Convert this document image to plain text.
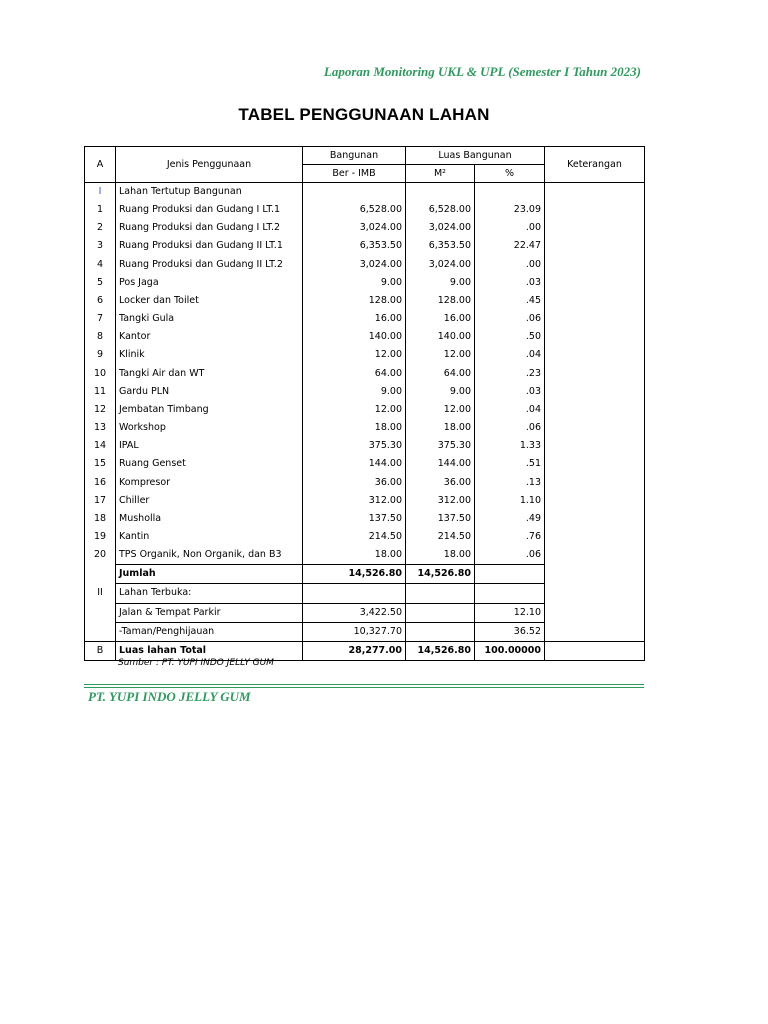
Laporan Monitoring UKL & UPL (Semester I Tahun 2023)
TABEL PENGGUNAAN LAHAN
A	Jenis Penggunaan	Bangunan	Luas Bangunan		Keterangan
		Ber - IMB	M²	%	
I	Lahan Tertutup Bangunan				
1	Ruang Produksi dan Gudang I LT.1	6,528.00	6,528.00	23.09	
2	Ruang Produksi dan Gudang I LT.2	3,024.00	3,024.00	.00	
3	Ruang Produksi dan Gudang II LT.1	6,353.50	6,353.50	22.47	
4	Ruang Produksi dan Gudang II LT.2	3,024.00	3,024.00	.00	
5	Pos Jaga	9.00	9.00	.03	
6	Locker dan Toilet	128.00	128.00	.45	
7	Tangki Gula	16.00	16.00	.06	
8	Kantor	140.00	140.00	.50	
9	Klinik	12.00	12.00	.04	
10	Tangki Air dan WT	64.00	64.00	.23	
11	Gardu PLN	9.00	9.00	.03	
12	Jembatan Timbang	12.00	12.00	.04	
13	Workshop	18.00	18.00	.06	
14	IPAL	375.30	375.30	1.33	
15	Ruang Genset	144.00	144.00	.51	
16	Kompresor	36.00	36.00	.13	
17	Chiller	312.00	312.00	1.10	
18	Musholla	137.50	137.50	.49	
19	Kantin	214.50	214.50	.76	
20	TPS Organik, Non Organik, dan B3	18.00	18.00	.06	
	Jumlah	14,526.80	14,526.80		
II	Lahan Terbuka:				
	Jalan & Tempat Parkir	3,422.50		12.10	
	-Taman/Penghijauan	10,327.70		36.52	
B	Luas lahan Total	28,277.00	14,526.80	100.00000	
Sumber : PT. YUPI INDO JELLY GUM
PT. YUPI INDO JELLY GUM
